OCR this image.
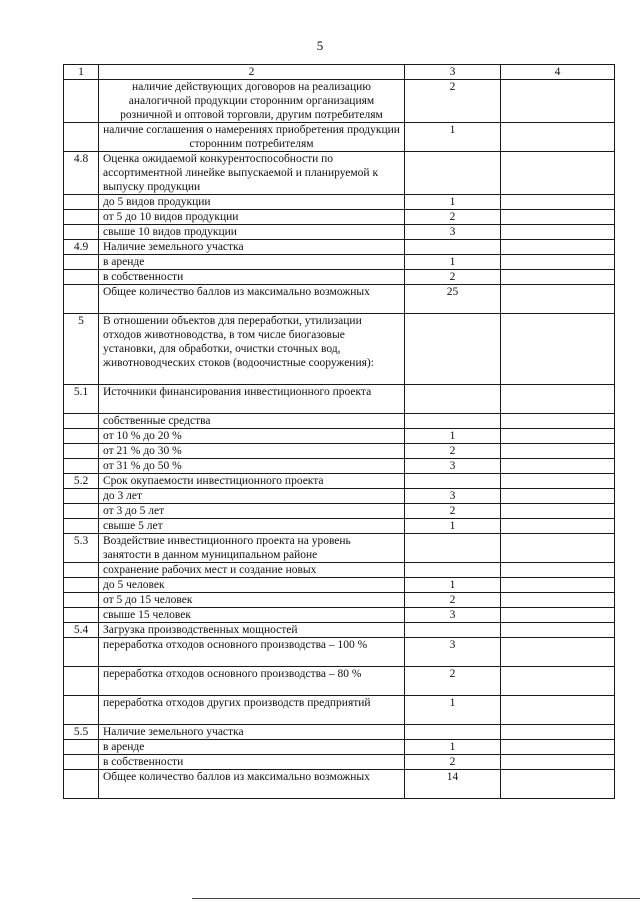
5
1	2	3	4
	наличие действующих договоров на реализацию аналогичной продукции сторонним организациям розничной и оптовой торговли, другим потребителям	2	
	наличие соглашения о намерениях приобретения продукции сторонним потребителям	1	
4.8	Оценка ожидаемой конкурентоспособности по ассортиментной линейке выпускаемой и планируемой к выпуску продукции		
	до 5 видов продукции	1	
	от 5 до 10 видов продукции	2	
	свыше 10 видов продукции	3	
4.9	Наличие земельного участка		
	в аренде	1	
	в собственности	2	
	Общее количество баллов из максимально возможных	25	
5	В отношении объектов для переработки, утилизации отходов животноводства, в том числе биогазовые установки, для обработки, очистки сточных вод, животноводческих стоков (водоочистные сооружения):		
5.1	Источники финансирования инвестиционного проекта		
	собственные средства		
	от 10 % до 20 %	1	
	от 21 % до 30 %	2	
	от 31 % до 50 %	3	
5.2	Срок окупаемости инвестиционного проекта		
	до 3 лет	3	
	от 3 до 5 лет	2	
	свыше 5 лет	1	
5.3	Воздействие инвестиционного проекта на уровень занятости в данном муниципальном районе		
	сохранение рабочих мест и создание новых		
	до 5 человек	1	
	от 5 до 15 человек	2	
	свыше 15 человек	3	
5.4	Загрузка производственных мощностей		
	переработка отходов основного производства – 100 %	3	
	переработка отходов основного производства – 80 %	2	
	переработка отходов других производств предприятий	1	
5.5	Наличие земельного участка		
	в аренде	1	
	в собственности	2	
	Общее количество баллов из максимально возможных	14	
